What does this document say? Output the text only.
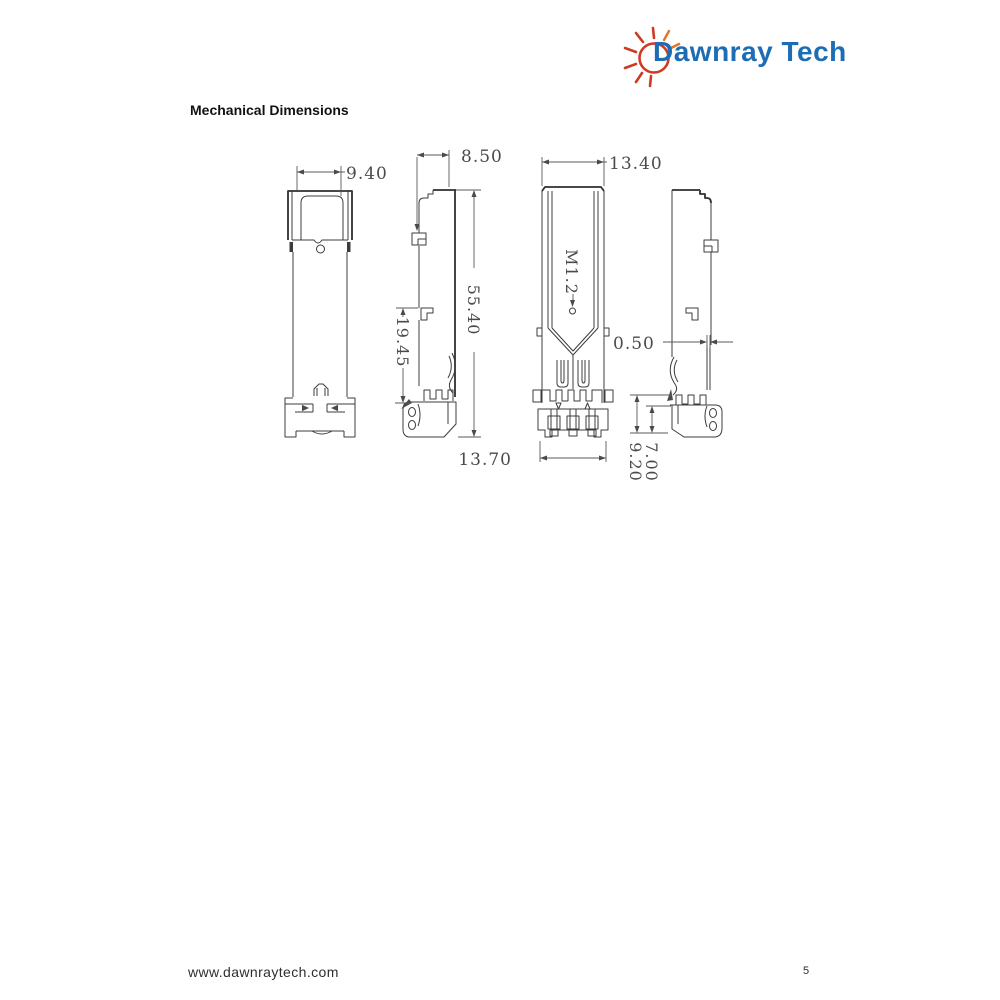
Dawnray Tech
Mechanical Dimensions
9.40
8.50
55.40
19.45
13.40
M1.2
13.70
0.50
9.20
7.00
www.dawnraytech.com	5
